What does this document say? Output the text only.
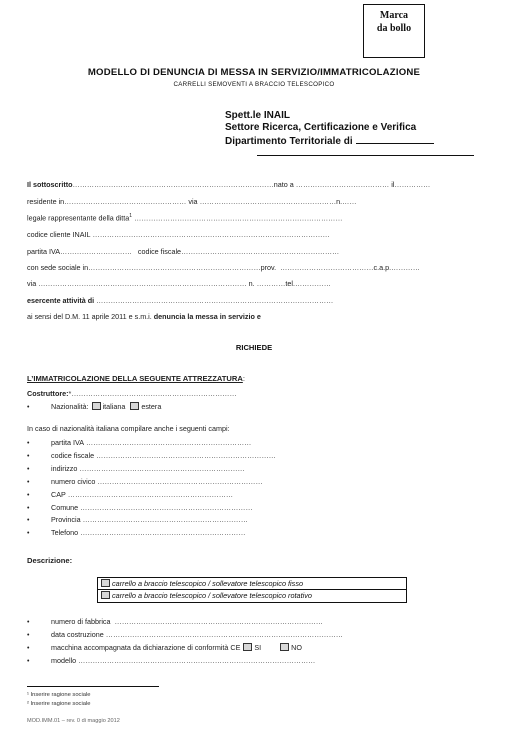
Marca
da bollo
MODELLO DI DENUNCIA DI MESSA IN SERVIZIO/IMMATRICOLAZIONE
CARRELLI SEMOVENTI A BRACCIO TELESCOPICO
Spett.le INAIL
Settore Ricerca, Certificazione e Verifica
Dipartimento Territoriale di
Il sottoscritto…………………………………………………………………………nato a ………………………………… il……………
residente in…………………………………………… via …………………………………………………n.……
legale rappresentante della ditta$^1$ ……………………………………………………………………………
codice cliente INAIL ………………………………………………………………………………………
partita IVA………………………… codice fiscale…………………………………………………………
con sede sociale in………………………………………………………………prov. …………………………………c.a.p.…………
via …………………………………………………………………………… n. …………tel.……………
esercente attività di ………………………………………………………………………………………
ai sensi del D.M. 11 aprile 2011 e s.m.i. denuncia la messa in servizio e
RICHIEDE
L’IMMATRICOLAZIONE DELLA SEGUENTE ATTREZZATURA:
Costruttore:*……………………………………………………………
•	Nazionalità: italiana estera
In caso di nazionalità italiana compilare anche i seguenti campi:
•	partita IVA ……………………………………………………………
•	codice fiscale …………………………………………………………………
•	indirizzo ……………………………………………………………
•	numero civico ……………………………………………………………
•	CAP ……………………………………………………………
•	Comune ………………………………………………………………
•	Provincia ……………………………………………………………
•	Telefono ……………………………………………………………
Descrizione:
carrello a braccio telescopico / sollevatore telescopico fisso
carrello a braccio telescopico / sollevatore telescopico rotativo
•	numero di fabbrica ……………………………………………………………………………
•	data costruzione ………………………………………………………………………………………
•	macchina accompagnata da dichiarazione di conformità CE SI	NO
•	modello ………………………………………………………………………………………
¹ Inserire ragione sociale
² Inserire ragione sociale
MOD.IMM.01 – rev. 0 di maggio 2012
